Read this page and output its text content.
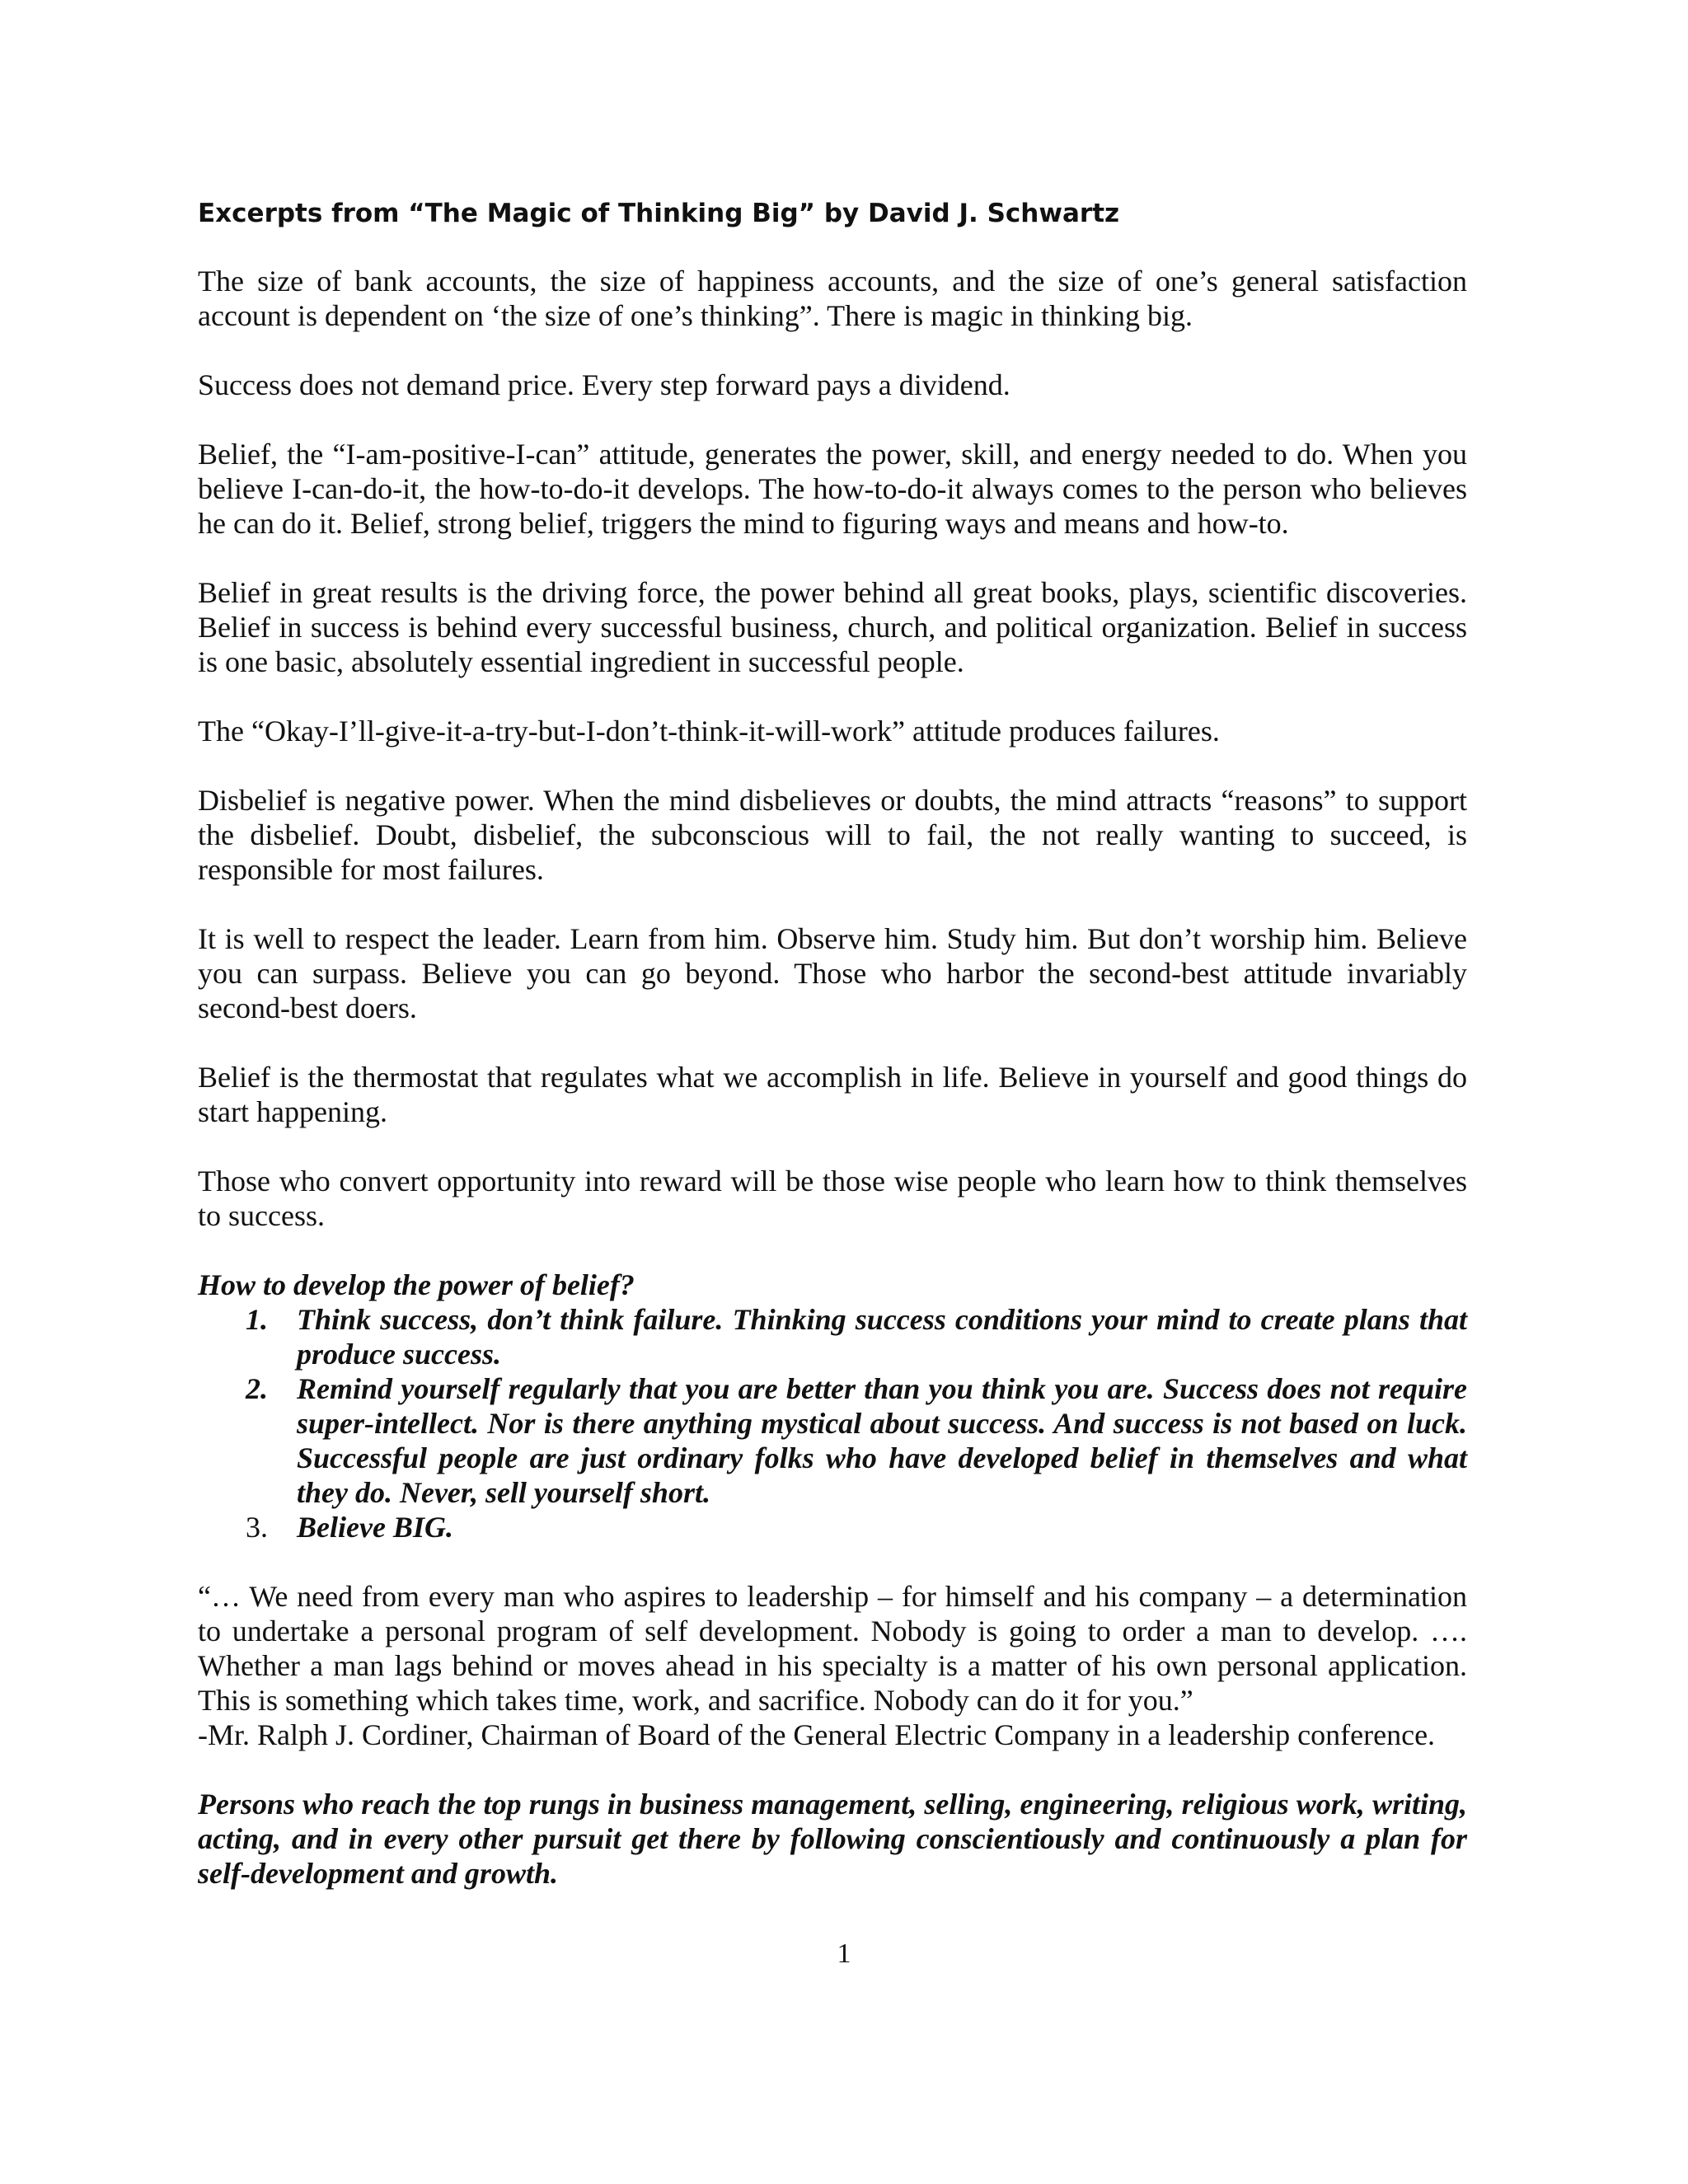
Excerpts from “The Magic of Thinking Big” by David J. Schwartz

The size of bank accounts, the size of happiness accounts, and the size of one’s general satisfaction account is dependent on ‘the size of one’s thinking”. There is magic in thinking big.

Success does not demand price. Every step forward pays a dividend.

Belief, the “I-am-positive-I-can” attitude, generates the power, skill, and energy needed to do. When you believe I-can-do-it, the how-to-do-it develops. The how-to-do-it always comes to the person who believes he can do it. Belief, strong belief, triggers the mind to figuring ways and means and how-to.

Belief in great results is the driving force, the power behind all great books, plays, scientific discoveries. Belief in success is behind every successful business, church, and political organization. Belief in success is one basic, absolutely essential ingredient in successful people.

The “Okay-I’ll-give-it-a-try-but-I-don’t-think-it-will-work” attitude produces failures.

Disbelief is negative power. When the mind disbelieves or doubts, the mind attracts “reasons” to support the disbelief. Doubt, disbelief, the subconscious will to fail, the not really wanting to succeed, is responsible for most failures.

It is well to respect the leader. Learn from him. Observe him. Study him. But don’t worship him. Believe you can surpass. Believe you can go beyond. Those who harbor the second-best attitude invariably second-best doers.

Belief is the thermostat that regulates what we accomplish in life. Believe in yourself and good things do start happening.

Those who convert opportunity into reward will be those wise people who learn how to think themselves to success.

How to develop the power of belief?
1. Think success, don’t think failure. Thinking success conditions your mind to create plans that produce success.
2. Remind yourself regularly that you are better than you think you are. Success does not require super-intellect. Nor is there anything mystical about success. And success is not based on luck. Successful people are just ordinary folks who have developed belief in themselves and what they do. Never, sell yourself short.
3. Believe BIG.

“… We need from every man who aspires to leadership – for himself and his company – a determination to undertake a personal program of self development. Nobody is going to order a man to develop. …. Whether a man lags behind or moves ahead in his specialty is a matter of his own personal application. This is something which takes time, work, and sacrifice. Nobody can do it for you.”

-Mr. Ralph J. Cordiner, Chairman of Board of the General Electric Company in a leadership conference.

Persons who reach the top rungs in business management, selling, engineering, religious work, writing, acting, and in every other pursuit get there by following conscientiously and continuously a plan for self-development and growth.

1
